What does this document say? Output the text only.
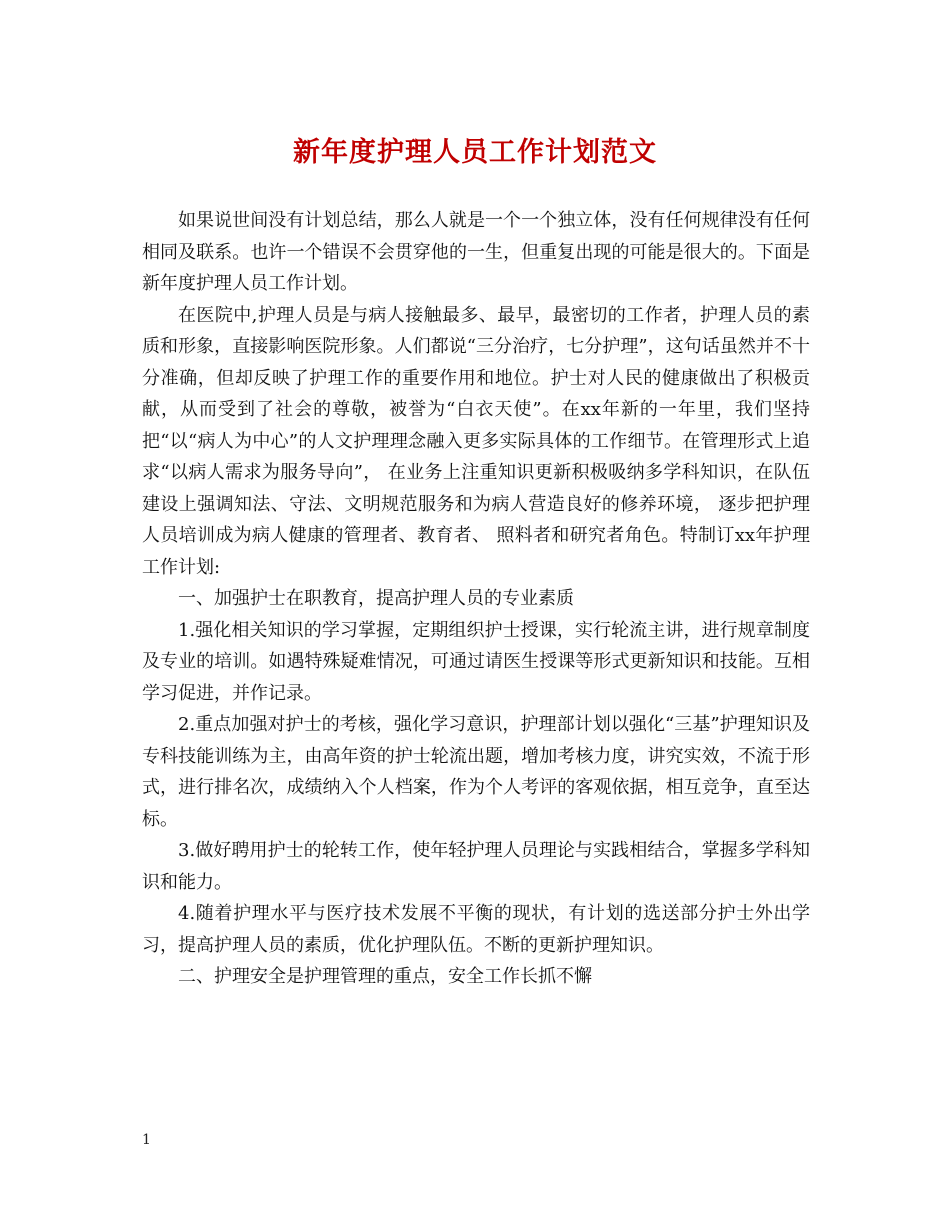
新年度护理人员工作计划范文

如果说世间没有计划总结，那么人就是一个一个独立体，没有任何规律没有任何相同及联系。也许一个错误不会贯穿他的一生，但重复出现的可能是很大的。下面是新年度护理人员工作计划。

在医院中,护理人员是与病人接触最多、最早，最密切的工作者，护理人员的素质和形象，直接影响医院形象。人们都说“三分治疗，七分护理”，这句话虽然并不十分准确，但却反映了护理工作的重要作用和地位。护士对人民的健康做出了积极贡献，从而受到了社会的尊敬，被誉为“白衣天使”。在xx年新的一年里，我们坚持把“以“病人为中心”的人文护理理念融入更多实际具体的工作细节。在管理形式上追求“以病人需求为服务导向”， 在业务上注重知识更新积极吸纳多学科知识，在队伍建设上强调知法、守法、文明规范服务和为病人营造良好的修养环境， 逐步把护理人员培训成为病人健康的管理者、教育者、 照料者和研究者角色。特制订xx年护理工作计划:

一、加强护士在职教育，提高护理人员的专业素质

1.强化相关知识的学习掌握，定期组织护士授课，实行轮流主讲，进行规章制度及专业的培训。如遇特殊疑难情况，可通过请医生授课等形式更新知识和技能。互相学习促进，并作记录。

2.重点加强对护士的考核，强化学习意识，护理部计划以强化“三基”护理知识及专科技能训练为主，由高年资的护士轮流出题，增加考核力度，讲究实效，不流于形式，进行排名次，成绩纳入个人档案，作为个人考评的客观依据，相互竞争，直至达标。

3.做好聘用护士的轮转工作，使年轻护理人员理论与实践相结合，掌握多学科知识和能力。

4.随着护理水平与医疗技术发展不平衡的现状，有计划的选送部分护士外出学习，提高护理人员的素质，优化护理队伍。不断的更新护理知识。

二、护理安全是护理管理的重点，安全工作长抓不懈

1
